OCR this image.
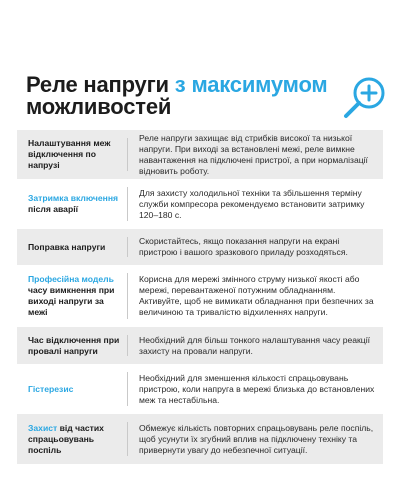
Реле напруги з максимумом
можливостей
Налаштування меж відключення по напрузі
Реле напруги захищає від стрибків високої та низької напруги. При виході за встановлені межі, реле вимкне навантаження на підключені пристрої, а при нормалізації відновить роботу.
Затримка включення після аварії
Для захисту холодильної техніки та збільшення терміну служби компресора рекомендуємо встановити затримку 120–180 с.
Поправка напруги
Скористайтесь, якщо показання напруги на екрані пристрою і вашого зразкового приладу розходяться.
Професійна модель часу вимкнення при виході напруги за межі
Корисна для мережі змінного струму низької якості або мережі, перевантаженої потужним обладнанням. Активуйте, щоб не вимикати обладнання при безпечних за величиною та тривалістю відхиленнях напруги.
Час відключення при провалі напруги
Необхідний для більш тонкого налаштування часу реакції захисту на провали напруги.
Гістерезис
Необхідний для зменшення кількості спрацьовувань пристрою, коли напруга в мережі близька до встановлених меж та нестабільна.
Захист від частих спрацьовувань поспіль
Обмежує кількість повторних спрацьовувань реле поспіль, щоб усунути їх згубний вплив на підключену техніку та привернути увагу до небезпечної ситуації.
